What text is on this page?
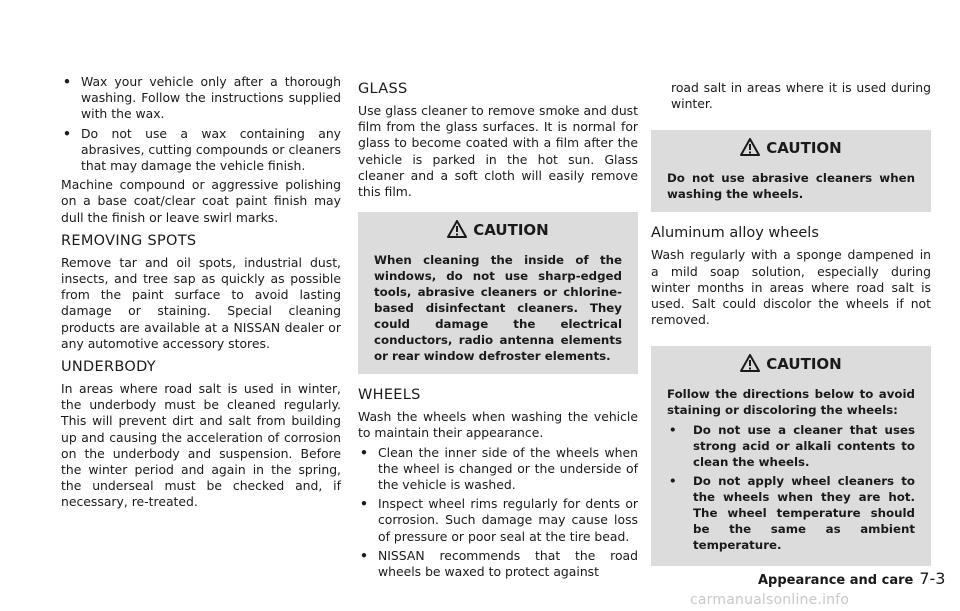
• Wax your vehicle only after a thorough washing. Follow the instructions supplied with the wax.
• Do not use a wax containing any abrasives, cutting compounds or cleaners that may damage the vehicle finish.

Machine compound or aggressive polishing on a base coat/clear coat paint finish may dull the finish or leave swirl marks.

REMOVING SPOTS

Remove tar and oil spots, industrial dust, insects, and tree sap as quickly as possible from the paint surface to avoid lasting damage or staining. Special cleaning products are available at a NISSAN dealer or any automotive accessory stores.

UNDERBODY

In areas where road salt is used in winter, the underbody must be cleaned regularly. This will prevent dirt and salt from building up and causing the acceleration of corrosion on the underbody and suspension. Before the winter period and again in the spring, the underseal must be checked and, if necessary, re-treated.

GLASS

Use glass cleaner to remove smoke and dust film from the glass surfaces. It is normal for glass to become coated with a film after the vehicle is parked in the hot sun. Glass cleaner and a soft cloth will easily remove this film.

CAUTION

When cleaning the inside of the windows, do not use sharp-edged tools, abrasive cleaners or chlorine-based disinfectant cleaners. They could damage the electrical conductors, radio antenna elements or rear window defroster elements.

WHEELS

Wash the wheels when washing the vehicle to maintain their appearance.

• Clean the inner side of the wheels when the wheel is changed or the underside of the vehicle is washed.
• Inspect wheel rims regularly for dents or corrosion. Such damage may cause loss of pressure or poor seal at the tire bead.
• NISSAN recommends that the road wheels be waxed to protect against

road salt in areas where it is used during winter.

CAUTION

Do not use abrasive cleaners when washing the wheels.

Aluminum alloy wheels

Wash regularly with a sponge dampened in a mild soap solution, especially during winter months in areas where road salt is used. Salt could discolor the wheels if not removed.

CAUTION

Follow the directions below to avoid staining or discoloring the wheels:

• Do not use a cleaner that uses strong acid or alkali contents to clean the wheels.
• Do not apply wheel cleaners to the wheels when they are hot. The wheel temperature should be the same as ambient temperature.
Appearance and care 7-3
carmanualsonline.info
